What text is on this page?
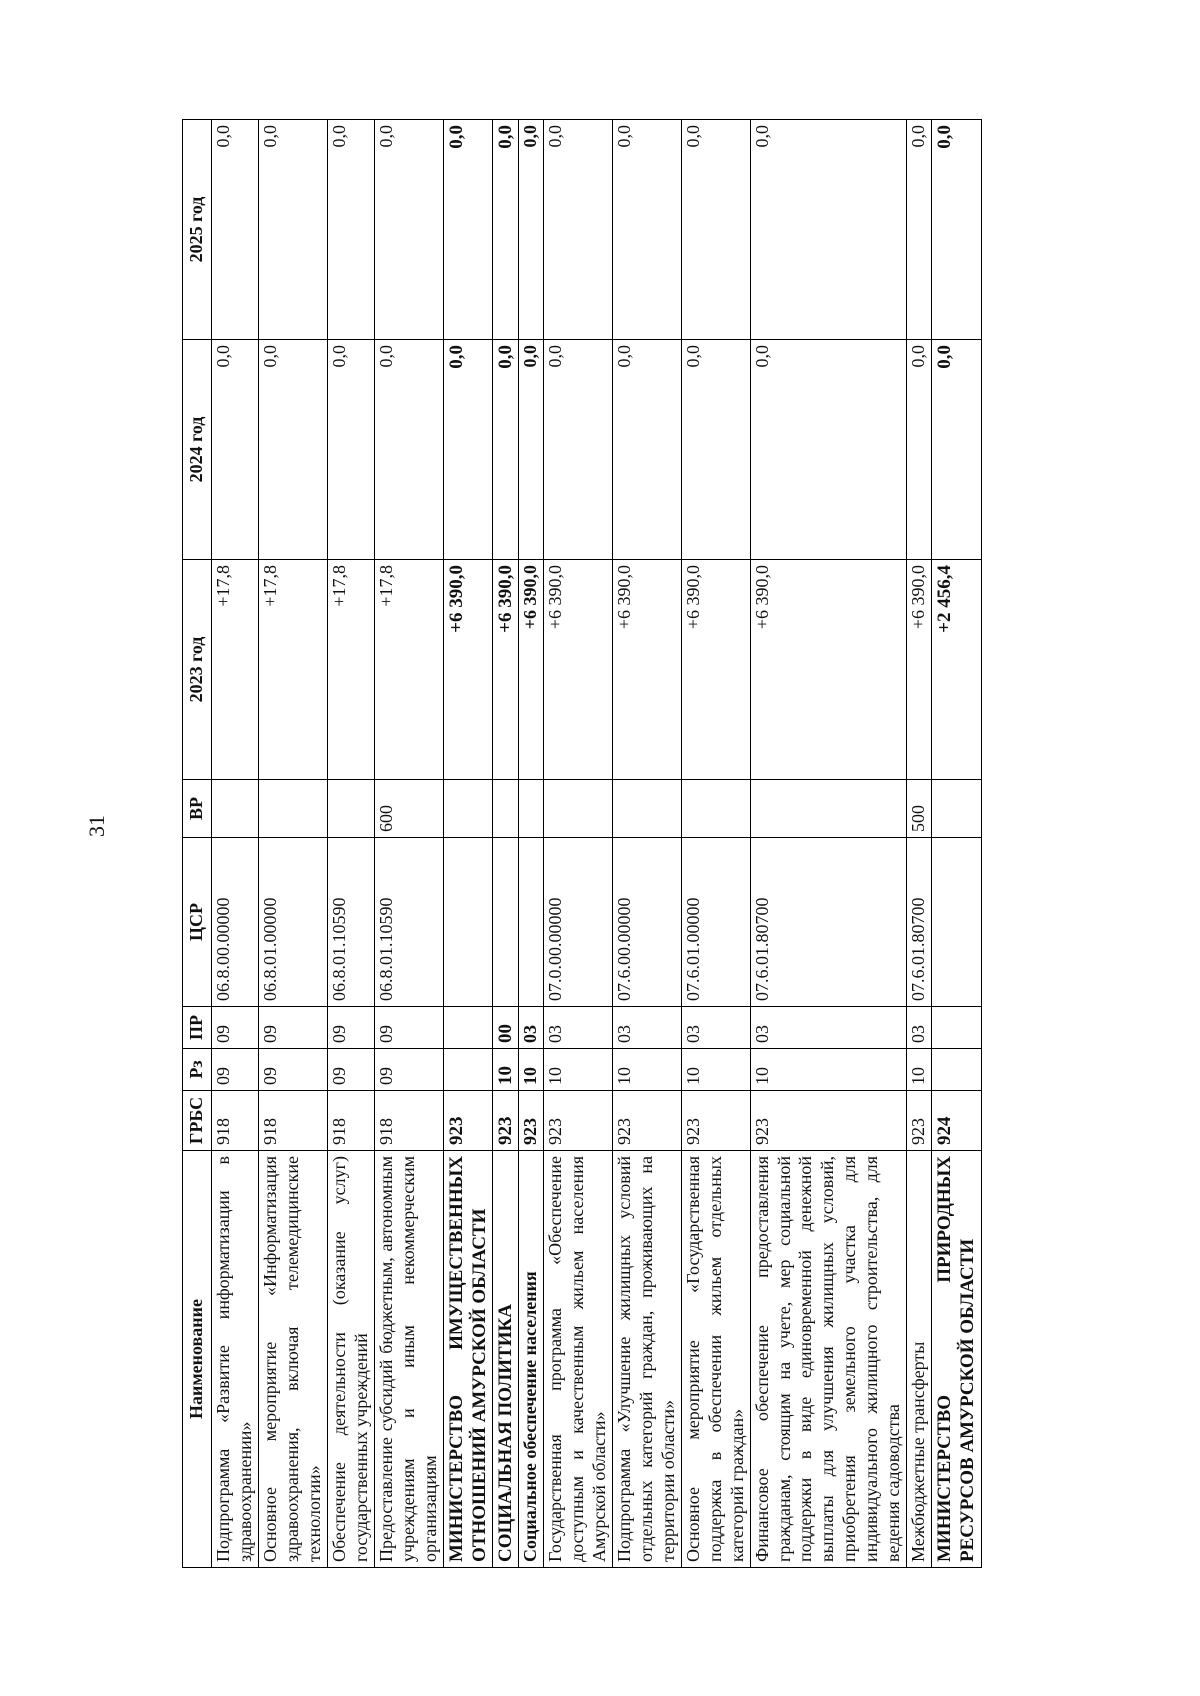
31
Наименование	ГРБС	Рз	ПР	ЦСР	ВР	2023 год	2024 год	2025 год
Подпрограмма «Развитие информатизации в здравоохранении»	918	09	09	06.8.00.00000		+17,8	0,0	0,0
Основное мероприятие «Информатизация здравоохранения, включая телемедицинские технологии»	918	09	09	06.8.01.00000		+17,8	0,0	0,0
Обеспечение деятельности (оказание услуг) государственных учреждений	918	09	09	06.8.01.10590		+17,8	0,0	0,0
Предоставление субсидий бюджетным, автономным учреждениям и иным некоммерческим организациям	918	09	09	06.8.01.10590	600	+17,8	0,0	0,0
МИНИСТЕРСТВО ИМУЩЕСТВЕННЫХ ОТНОШЕНИЙ АМУРСКОЙ ОБЛАСТИ	923					+6 390,0	0,0	0,0
СОЦИАЛЬНАЯ ПОЛИТИКА	923	10	00			+6 390,0	0,0	0,0
Социальное обеспечение населения	923	10	03			+6 390,0	0,0	0,0
Государственная программа «Обеспечение доступным и качественным жильем населения Амурской области»	923	10	03	07.0.00.00000		+6 390,0	0,0	0,0
Подпрограмма «Улучшение жилищных условий отдельных категорий граждан, проживающих на территории области»	923	10	03	07.6.00.00000		+6 390,0	0,0	0,0
Основное мероприятие «Государственная поддержка в обеспечении жильем отдельных категорий граждан»	923	10	03	07.6.01.00000		+6 390,0	0,0	0,0
Финансовое обеспечение предоставления гражданам, стоящим на учете, мер социальной поддержки в виде единовременной денежной выплаты для улучшения жилищных условий, приобретения земельного участка для индивидуального жилищного строительства, для ведения садоводства	923	10	03	07.6.01.80700		+6 390,0	0,0	0,0
Межбюджетные трансферты	923	10	03	07.6.01.80700	500	+6 390,0	0,0	0,0
МИНИСТЕРСТВО ПРИРОДНЫХ РЕСУРСОВ АМУРСКОЙ ОБЛАСТИ	924					+2 456,4	0,0	0,0
